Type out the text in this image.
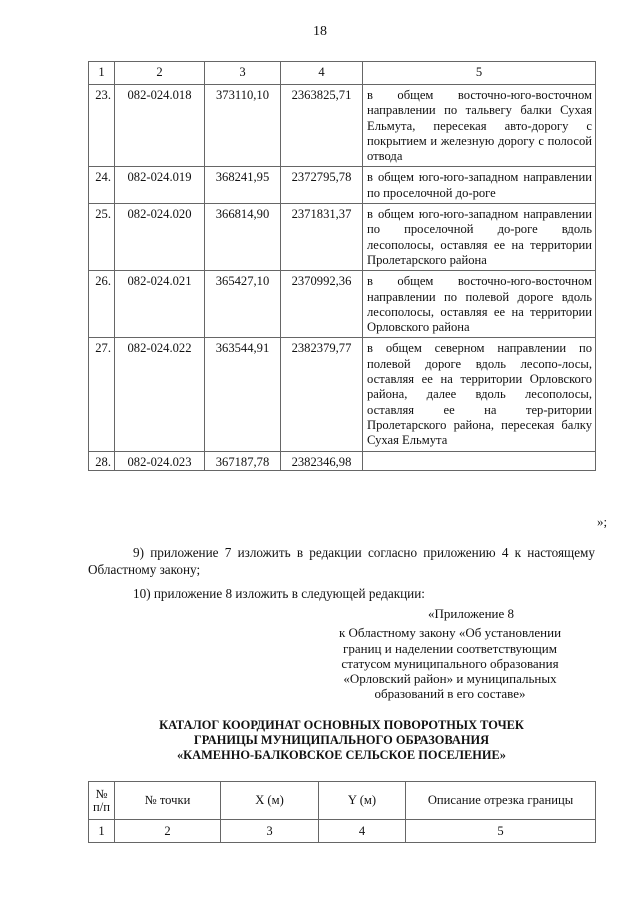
18
1	2	3	4	5
23.	082-024.018	373110,10	2363825,71	в общем восточно-юго-восточном направлении по тальвегу балки Сухая Ельмута, пересекая авто-дорогу с покрытием и железную дорогу с полосой отвода
24.	082-024.019	368241,95	2372795,78	в общем юго-юго-западном направлении по проселочной до-роге
25.	082-024.020	366814,90	2371831,37	в общем юго-юго-западном направлении по проселочной до-роге вдоль лесополосы, оставляя ее на территории Пролетарского района
26.	082-024.021	365427,10	2370992,36	в общем восточно-юго-восточном направлении по полевой дороге вдоль лесополосы, оставляя ее на территории Орловского района
27.	082-024.022	363544,91	2382379,77	в общем северном направлении по полевой дороге вдоль лесопо-лосы, оставляя ее на территории Орловского района, далее вдоль лесополосы, оставляя ее на тер-ритории Пролетарского района, пересекая балку Сухая Ельмута
28.	082-024.023	367187,78	2382346,98	
»;
9) приложение 7 изложить в редакции согласно приложению 4 к настоящему Областному закону;
10) приложение 8 изложить в следующей редакции:
«Приложение 8
к Областному закону «Об установлении
границ и наделении соответствующим
статусом муниципального образования
«Орловский район» и муниципальных
образований в его составе»
КАТАЛОГ КООРДИНАТ ОСНОВНЫХ ПОВОРОТНЫХ ТОЧЕК
ГРАНИЦЫ МУНИЦИПАЛЬНОГО ОБРАЗОВАНИЯ
«КАМЕННО-БАЛКОВСКОЕ СЕЛЬСКОЕ ПОСЕЛЕНИЕ»
№
п/п	№ точки	X (м)	Y (м)	Описание отрезка границы
1	2	3	4	5
